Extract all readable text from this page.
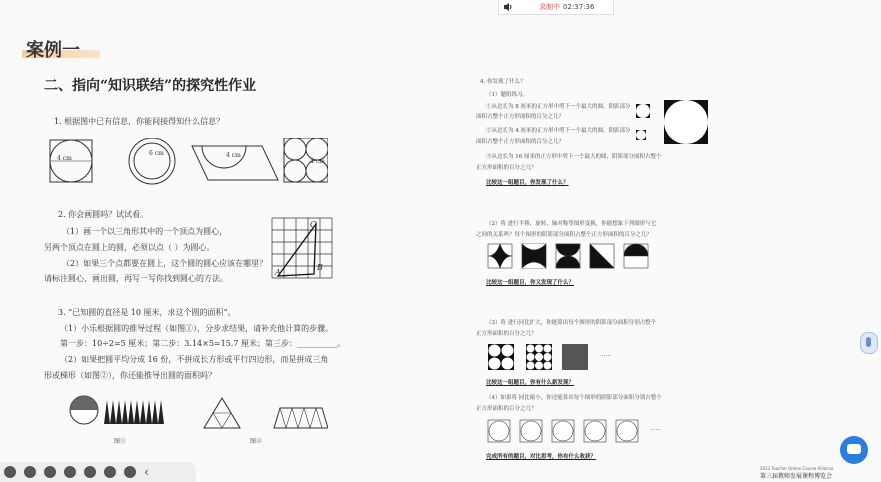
录制中 02:37:36
案例一
二、指向“知识联结”的探究性作业
1. 根据图中已有信息，你能间接得知什么信息？
4 cm
6 cm	4 cm
4 cm
2. 你会画圆吗？试试看。
（1）画一个以三角形其中的一个顶点为圆心，
另两个顶点在圆上的圆，必须以点（ ）为圆心。
（2）如果三个点都要在圆上，这个圆的圆心应该在哪里？
请标注圆心，画出圆，再写一写你找到圆心的方法。
A
B
C
3. “已知圆的直径是 10 厘米，求这个圆的面积”。
（1）小乐根据圆的推导过程（如图①），分步求结果，请补充他计算的步骤。
第一步：10÷2=5 厘米；第二步：3.14×5=15.7 厘米；第三步：__________。
（2）如果把圆平均分成 16 份，不拼成长方形或平行四边形，而是拼成三角
形或梯形（如图②），你还能推导出圆的面积吗？
图①	图②
4. 你发现了什么？
（1）题组练习。
①从边长为 8 厘米的正方形中剪下一个最大的圆，阴影部分
面积占整个正方形面积的百分之几？
②从边长为 4 厘米的正方形中剪下一个最大的圆，阴影部分
面积占整个正方形面积的百分之几？
③从边长为 16 厘米的正方形中剪下一个最大的圆，阴影部分面积占整个
正方形面积的百分之几？
比较这一组题目，你发现了什么？
（2）将 进行平移、旋转、轴对称等图形变换，你能想象下列图形与它
之间的关系吗？每个图形的阴影部分面积占整个正方形面积的百分之几？
比较这一组题目，你又发现了什么？
（3）将 进行同比扩大，你能算出每个图形的阴影部分面积分别占整个
正方形面积的百分之几？
……
比较这一组题目，你有什么新发现？
（4）如果将 同比缩小，你还能算出每个图形的阴影部分面积分别占整个
正方形面积的百分之几？
……
完成所有的题目，对比思考，你有什么收获？
2023 Teacher Online Course Alliance
第三届教师发展课程博览会
‹
